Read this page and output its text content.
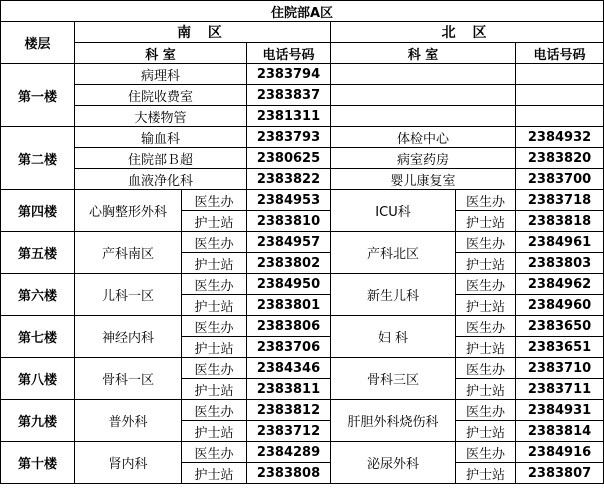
住院部A区						
楼层	南 区			北 区		
	科 室		电话号码	科 室		电话号码
第一楼	病理科		2383794			
	住院收费室		2383837			
	大楼物管		2381311			
第二楼	输血科		2383793	体检中心		2384932
	住院部Ｂ超		2380625	病室药房		2383820
	血液净化科		2383822	婴儿康复室		2383700
第四楼	心胸整形外科	医生办	2384953	ICU科	医生办	2383718
		护士站	2383810		护士站	2383818
第五楼	产科南区	医生办	2384957	产科北区	医生办	2384961
		护士站	2383802		护士站	2383803
第六楼	儿科一区	医生办	2384950	新生儿科	医生办	2384962
		护士站	2383801		护士站	2384960
第七楼	神经内科	医生办	2383806	妇 科	医生办	2383650
		护士站	2383706		护士站	2383651
第八楼	骨科一区	医生办	2384346	骨科三区	医生办	2383710
		护士站	2383811		护士站	2383711
第九楼	普外科	医生办	2383812	肝胆外科烧伤科	医生办	2384931
		护士站	2383712		护士站	2383814
第十楼	肾内科	医生办	2384289	泌尿外科	医生办	2384916
		护士站	2383808		护士站	2383807
